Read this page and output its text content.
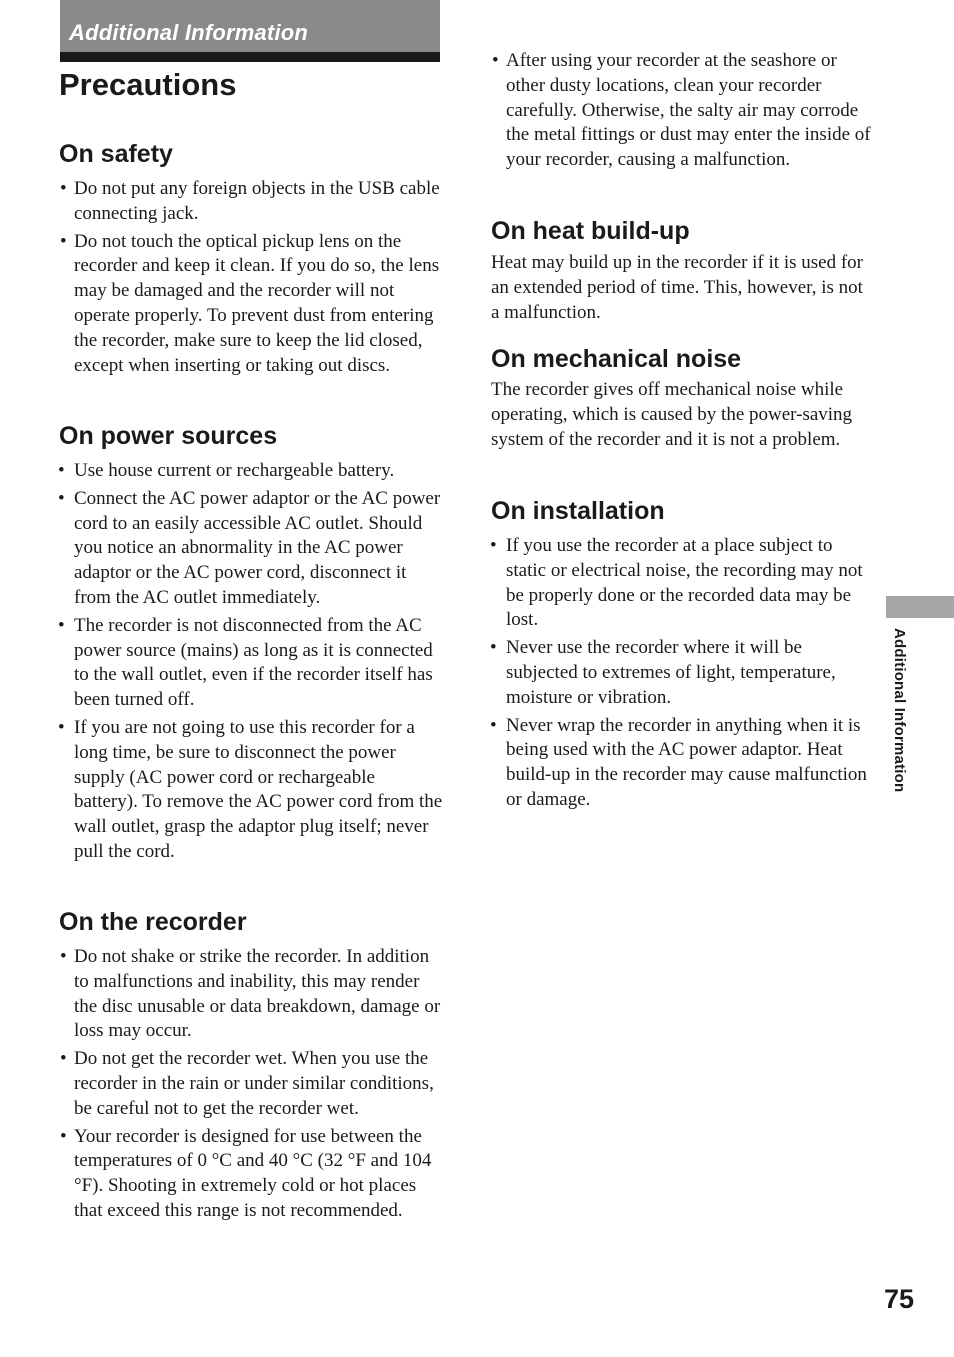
Additional Information
Precautions
On safety
• Do not put any foreign objects in the USB cable connecting jack.
• Do not touch the optical pickup lens on the recorder and keep it clean. If you do so, the lens may be damaged and the recorder will not operate properly. To prevent dust from entering the recorder, make sure to keep the lid closed, except when inserting or taking out discs.
On power sources
• Use house current or rechargeable battery.
• Connect the AC power adaptor or the AC power cord to an easily accessible AC outlet. Should you notice an abnormality in the AC power adaptor or the AC power cord, disconnect it from the AC outlet immediately.
• The recorder is not disconnected from the AC power source (mains) as long as it is connected to the wall outlet, even if the recorder itself has been turned off.
• If you are not going to use this recorder for a long time, be sure to disconnect the power supply (AC power cord or rechargeable battery). To remove the AC power cord from the wall outlet, grasp the adaptor plug itself; never pull the cord.
On the recorder
• Do not shake or strike the recorder. In addition to malfunctions and inability, this may render the disc unusable or data breakdown, damage or loss may occur.
• Do not get the recorder wet. When you use the recorder in the rain or under similar conditions, be careful not to get the recorder wet.
• Your recorder is designed for use between the temperatures of 0 °C and 40 °C (32 °F and 104 °F). Shooting in extremely cold or hot places that exceed this range is not recommended.
• After using your recorder at the seashore or other dusty locations, clean your recorder carefully. Otherwise, the salty air may corrode the metal fittings or dust may enter the inside of your recorder, causing a malfunction.
On heat build-up

Heat may build up in the recorder if it is used for an extended period of time. This, however, is not a malfunction.

On mechanical noise

The recorder gives off mechanical noise while operating, which is caused by the power-saving system of the recorder and it is not a problem.

On installation
• If you use the recorder at a place subject to static or electrical noise, the recording may not be properly done or the recorded data may be lost.
• Never use the recorder where it will be subjected to extremes of light, temperature, moisture or vibration.
• Never wrap the recorder in anything when it is being used with the AC power adaptor. Heat build-up in the recorder may cause malfunction or damage.
Additional Information
75
